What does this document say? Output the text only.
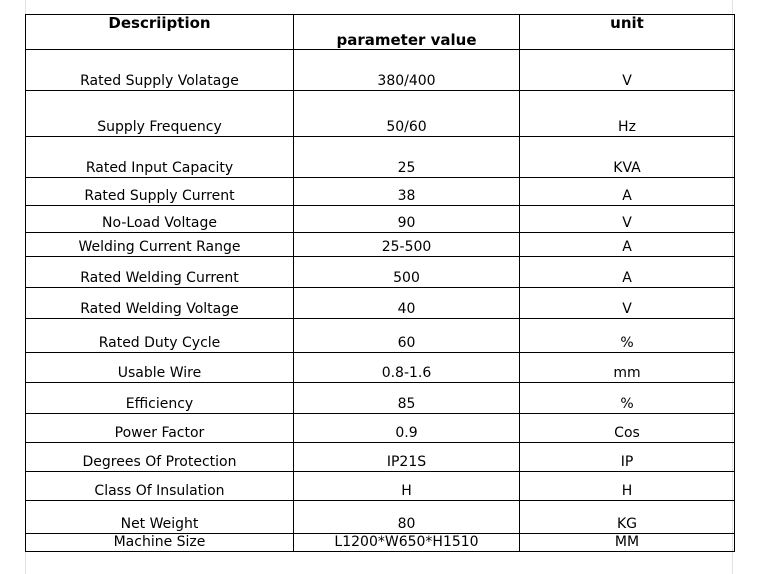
Descriiption	parameter value	unit
Rated Supply Volatage	380/400	V
Supply Frequency	50/60	Hz
Rated Input Capacity	25	KVA
Rated Supply Current	38	A
No-Load Voltage	90	V
Welding Current Range	25-500	A
Rated Welding Current	500	A
Rated Welding Voltage	40	V
Rated Duty Cycle	60	%
Usable Wire	0.8-1.6	mm
Efficiency	85	%
Power Factor	0.9	Cos
Degrees Of Protection	IP21S	IP
Class Of Insulation	H	H
Net Weight	80	KG
Machine Size	L1200*W650*H1510	MM
